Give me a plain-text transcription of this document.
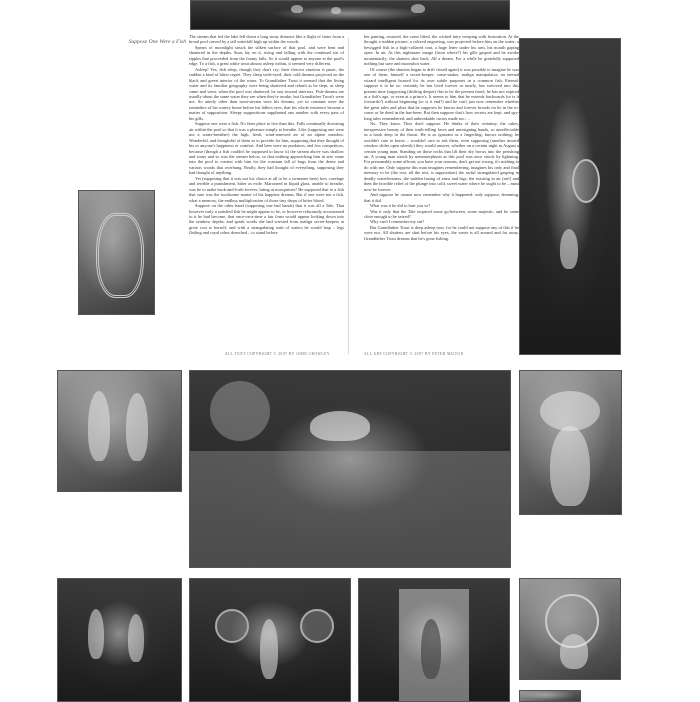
Suppose One Were a Fish

The stream that fed the lake fell down a long stony distance like a flight of stairs from a broad pool carved by a tall waterfall high up within the woods.

Spears of moonlight struck the silken surface of that pool, and were bent and shattered in the depths. Stars lay on it, rising and falling with the continual stir of ripples that proceeded from the foamy falls. So it would appear to anyone at the pool's edge. To a fish, a great white trout almost asleep within, it seemed very different.

Asleep! Yes, fish sleep, though they don't cry; their fiercest emotion is panic, the sudden a kind of bitter regret. They sleep wide-eyed, their cold dreams projected on the black and green interior of the water. To Grandfather Trout it seemed that the living water and its familiar geography were being shattered and rebuilt as he slept, as sleep came and went: when the pool was shattered, he saw inward interiors. Fish-dreams are usually about the same water they see when they're awake, but Grandfather Trout's were not. So utterly other than trout-stream were his dreams, yet so constant were the reminders of his watery home before his lidless eyes, that his whole existence became a matter of supposition. Sleepy suppositions supplanted one another with every pass of his gills.

Suppose one were a fish. No finer place to live than this. Falls continually drowning air within the pool so that it was a pleasure simply to breathe. Like (supposing one were not a water-breather) the high, fresh, wind-renewed air of an alpine meadow. Wonderful, and thoughtful of them so to provide for him, supposing that they thought of his or anyone's happiness or comfort. And here were no predators, and few competitors, because (though a fish couldn't be supposed to know it) the stream above was shallow and stony and so was the stream below, so that nothing approaching him in size came into the pool to contest with him for the constant fall of bugs from the dense and various woods that overhung. Really, they had thought of everything, supposing they had thought of anything.

Yet (supposing that it was not his choice at all to be a swimmer here) how cozelage and terrible a punishment, bitter as exile. Marooned in liquid glass, unable to breathe, was he to make back-and-forth forever, biting at mosquitoes? He supposed that to a fish that sure was the toothsome matter of his happiest dreams. But if one were not a fish, what a memory, the endless multiplication of those tiny drops of bitter blood.

Suppose on the other hand (supposing one had hands) that it was all a Tale. That however truly a satisfied fish he might appear to be, or however reluctantly accustomed to it he had become, that once-on-a-time a fair form would appear looking down into the rainbow depths, and speak words she had wrested from malign secret-keepers at great cost to herself, and with a strangulating rush of waters he would leap – legs flailing and royal robes drenched – to stand before

her panting, restored, the curse lifted, the wicked fairy weeping with frustration. At the thought a sudden picture, a colored engraving, was projected before him on the water: a bewigged fish in a high-collared coat, a huge letter under his arm, his mouth gaping open. In air. At this nightmare image (from where?) his gills gasped and he awoke momentarily; the shatters shot back. All a dream. For a while he gratefully supposed nothing but save and moonshot water.

Of course (the shutters began to drift closed again) it was possible to imagine he was one of them, himself a secret-keeper, curse-maker, malign manipulator; an eternal wizard intelligent housed for its own subtle purposes in a common fish. Eternal: suppose it to be so: certainly he has lived forever or nearly, has survived into this present time (supposing (drifting deeper) this to be the present time); he has not expired at a fish's age, or even at a prince's. It seems to him that he extends backwards (or is it forwards?) without beginning (or is it end?) and he can't just now remember whether the great tales and plots that he supposes he knows and forever broods on lie in the to-come or lie deed in the has-been. But then suppose that's how secrets are kept, and spy-long tales remembered, and unbreakable curses made too….

No. They know. They don't suppose. He thinks of their certainty, the cakes, inexpressive beauty of their truth-telling faces and unresigning hands, so unreflectable as a hook deep in the throat. He is as ignorant as a fingerling; knows nothing; he wouldn't care to know – wouldn't care to ask them, even supposing (another inward window slides open silently) they would answer, whether on a certain night in August a certain young man. Standing on those rocks that lift their dry brows into the perishing air. A young man struck by metamorphosis as this pool was once struck by lightning. For presumably some affront, you have your reasons, don't get me wrong, it's nothing to do with me. Only suppose this man imagines remembering, imagines his only and final memory to be (the rest, all the rest, is supposition) the awful strangulated gasping in deadly waterlessness, the sudden fusing of arms and legs, the twisting in air (air!) and then the horrible relief of the plunge into cold, sweet water where he ought to be – must now be forever.

And suppose he cannot now remember why it happened: only suppose, dreaming, that it did.

What was it he did to hurt you so?

Was it only that the Tale required some go-between, some majestic, and he came close enough to be seized?

Why can't I remember my sin?

But Grandfather Trout is deep asleep now, for he could not suppose any of this if he were not. All shutters are shut before his eyes, the water is all around and far away. Grandfather Trout dreams that he's gone fishing.

ALL TEXT COPYRIGHT © 2007 BY JOHN CROWLEY	ALL ART COPYRIGHT © 2007 BY PETER MILTON
